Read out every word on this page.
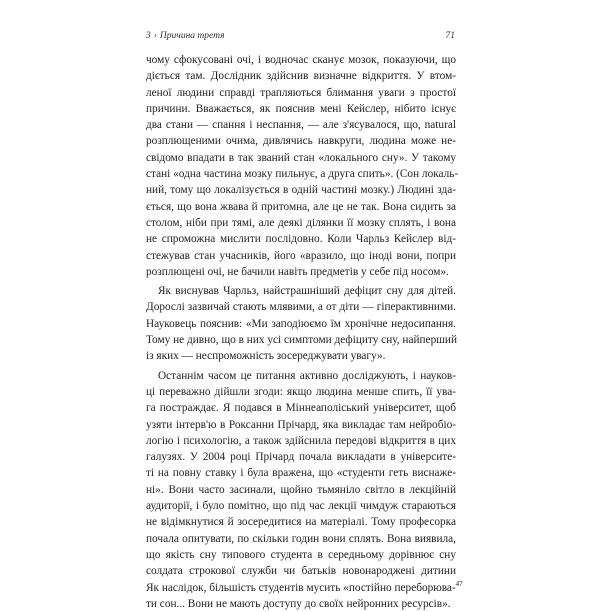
3 › Причина третя	71
чому сфокусовані очі, і водночас сканує мозок, показуючи, що
діється там. Дослідник здійснив визначне відкриття. У втом-
леної людини справді трапляються блимання уваги з простої
причини. Вважається, як пояснив мені Кейслер, нібито існує
два стани — спання і неспання, — але з'ясувалося, що, natural
розплющеними очима, дивлячись навкруги, людина може не-
свідомо впадати в так званий стан «локального сну». У такому
стані «одна частина мозку пильнує, а друга спить». (Сон локаль-
ний, тому що локалізується в одній частині мозку.) Людині зда-
ється, що вона жвава й притомна, але це не так. Вона сидить за
столом, ніби при тямі, але деякі ділянки її мозку сплять, і вона
не спроможна мислити послідовно. Коли Чарльз Кейслер від-
стежував стан учасників, його «вразило, що іноді вони, попри
розплющені очі, не бачили навіть предметів у себе під носом».
Як виснував Чарльз, найстрашніший дефіцит сну для дітей.
Дорослі зазвичай стають млявими, а от діти — гіперактивними.
Науковець пояснив: «Ми заподіюємо їм хронічне недосипання.
Тому не дивно, що в них усі симптоми дефіциту сну, найперший
із яких — неспроможність зосереджувати увагу».
Останнім часом це питання активно досліджують, і науков-
ці переважно дійшли згоди: якщо людина менше спить, її ува-
га постраждає. Я подався в Міннеаполіський університет, щоб
узяти інтерв'ю в Роксанни Прічард, яка викладає там нейробіо-
логію і психологію, а також здійснила передові відкриття в цих
галузях. У 2004 році Прічард почала викладати в університе-
ті на повну ставку і була вражена, що «студенти геть виснаже-
ні». Вони часто засинали, щойно тьмяніло світло в лекційній
аудиторії, і було помітно, що під час лекції чимдуж стараються
не відімкнутися й зосередитися на матеріалі. Тому професорка
почала опитувати, по скільки годин вони сплять. Вона виявила,
що якість сну типового студента в середньому дорівнює сну
солдата строкової служби чи батьків новонароджені дитини
Як наслідок, більшість студентів мусить «постійно переборюва-$^{47}$
ти сон... Вони не мають доступу до своїх нейронних ресурсів».
